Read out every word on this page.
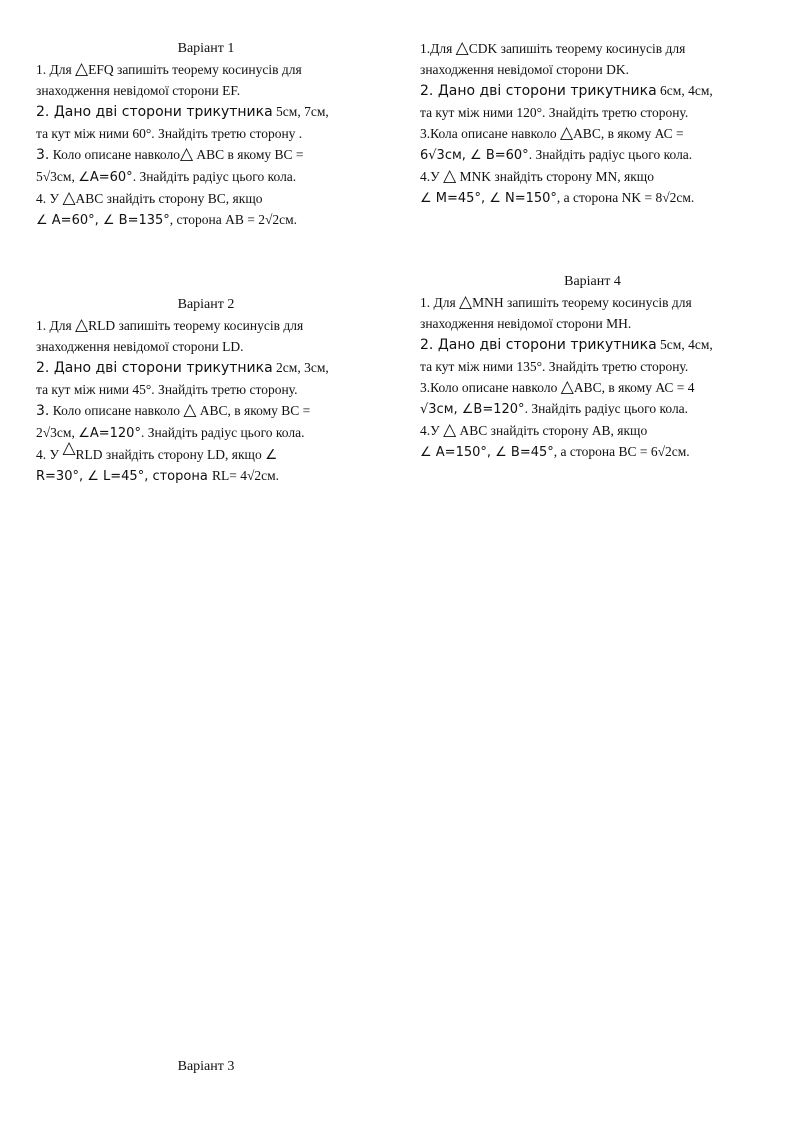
Варіант 1
1. Для △EFQ запишіть теорему косинусів для
знаходження невідомої сторони EF.
2. Дано дві сторони трикутника 5см, 7см,
та кут між ними 60°. Знайдіть третю сторону .
3. Коло описане навколо△ АВС в якому ВС =
5√3см, ∠А=60°. Знайдіть радіус цього кола.
4. У △АВС знайдіть сторону ВС, якщо
∠ А=60°, ∠ В=135°, сторона АВ = 2√2см.
Варіант 2
1. Для △RLD запишіть теорему косинусів для
знаходження невідомої сторони LD.
2. Дано дві сторони трикутника 2см, 3см,
та кут між ними 45°. Знайдіть третю сторону.
3. Коло описане навколо △ АВС, в якому ВС =
2√3см, ∠А=120°. Знайдіть радіус цього кола.
4. У △RLD знайдіть сторону LD, якщо ∠
R=30°, ∠ L=45°, сторона RL= 4√2см.
Варіант 3
1.Для △CDK запишіть теорему косинусів для
знаходження невідомої сторони DK.
2. Дано дві сторони трикутника 6см, 4см,
та кут між ними 120°. Знайдіть третю сторону.
3.Кола описане навколо △АВС, в якому АС =
6√3см, ∠ В=60°. Знайдіть радіус цього кола.
4.У △ MNK знайдіть сторону MN, якщо
∠ M=45°, ∠ N=150°, а сторона NK = 8√2см.
Варіант 4
1. Для △MNH запишіть теорему косинусів для
знаходження невідомої сторони MH.
2. Дано дві сторони трикутника 5см, 4см,
та кут між ними 135°. Знайдіть третю сторону.
3.Коло описане навколо △АВС, в якому АС = 4
√3см, ∠В=120°. Знайдіть радіус цього кола.
4.У △ АВС знайдіть сторону АВ, якщо
∠ А=150°, ∠ В=45°, а сторона ВС = 6√2см.
